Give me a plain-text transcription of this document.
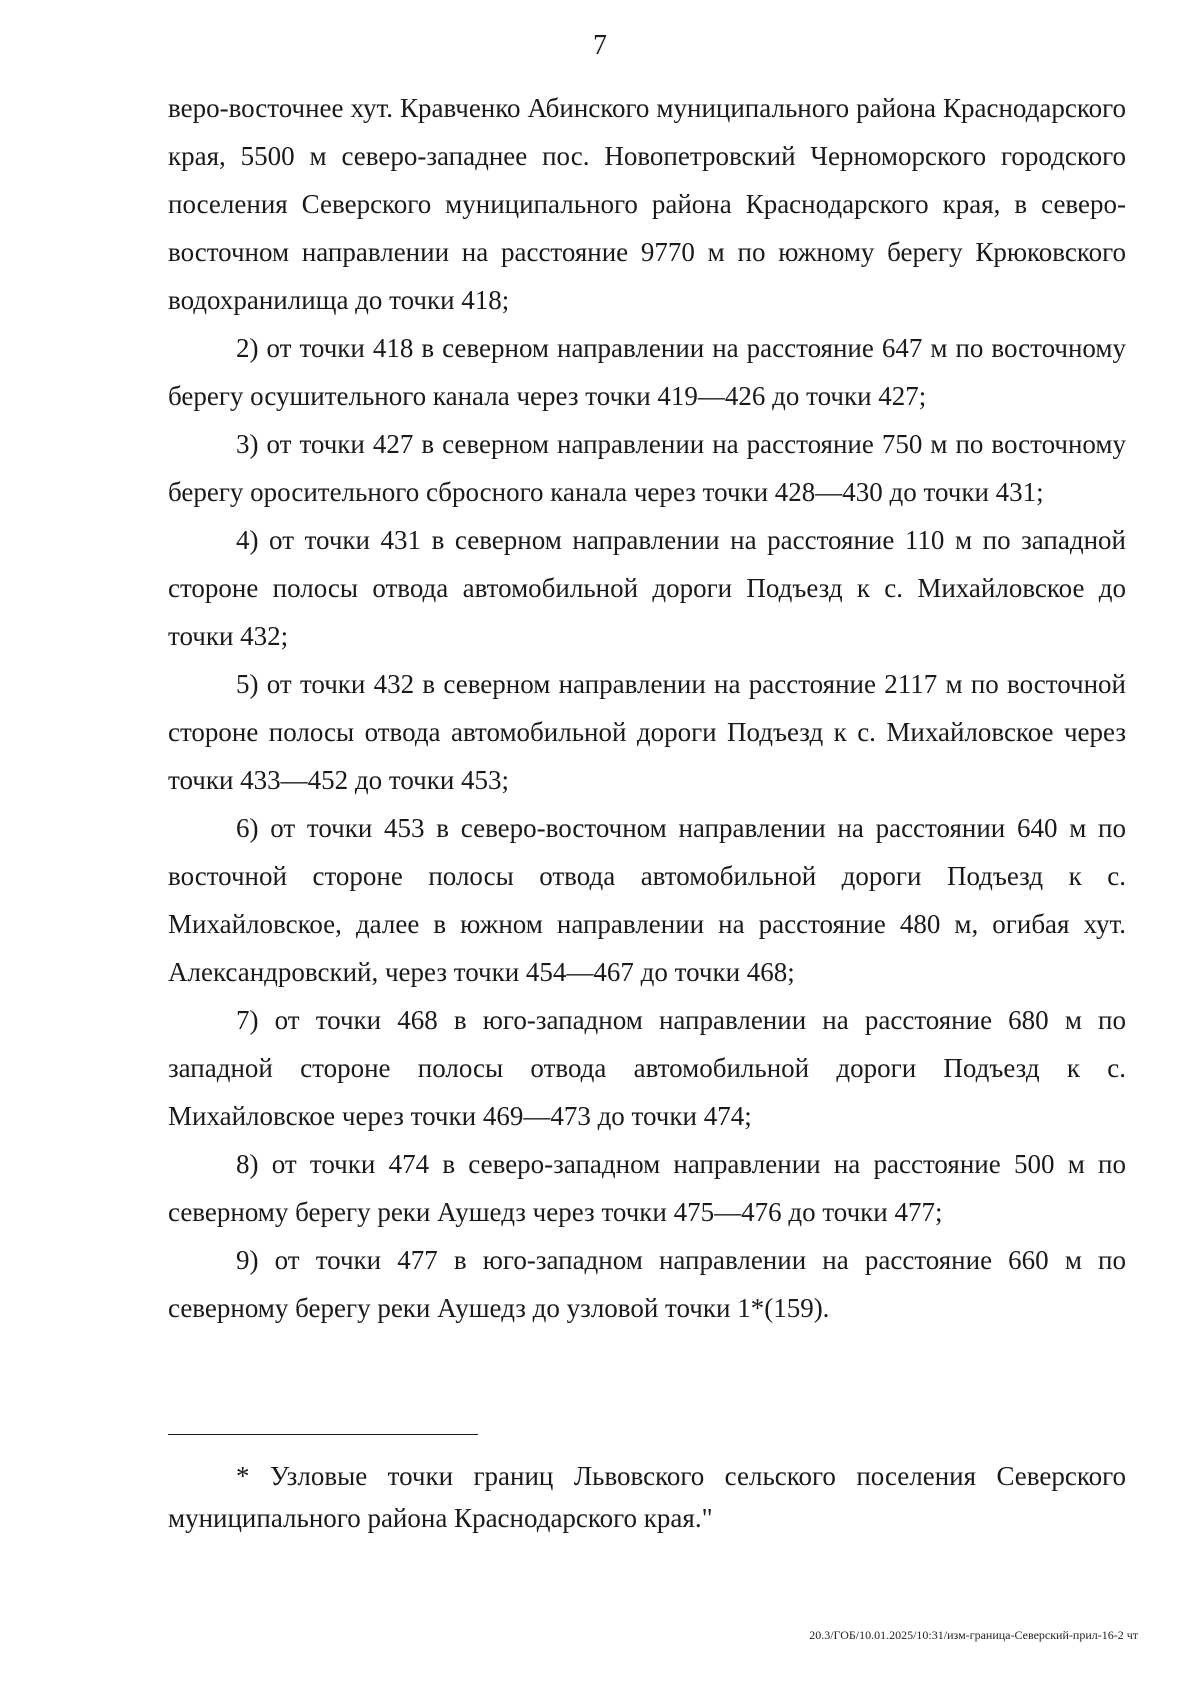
7

веро-восточнее хут. Кравченко Абинского муниципального района Краснодарского края, 5500 м северо-западнее пос. Новопетровский Черноморского городского поселения Северского муниципального района Краснодарского края, в северо-восточном направлении на расстояние 9770 м по южному берегу Крюковского водохранилища до точки 418;

2) от точки 418 в северном направлении на расстояние 647 м по восточному берегу осушительного канала через точки 419—426 до точки 427;

3) от точки 427 в северном направлении на расстояние 750 м по восточному берегу оросительного сбросного канала через точки 428—430 до точки 431;

4) от точки 431 в северном направлении на расстояние 110 м по западной стороне полосы отвода автомобильной дороги Подъезд к с. Михайловское до точки 432;

5) от точки 432 в северном направлении на расстояние 2117 м по восточной стороне полосы отвода автомобильной дороги Подъезд к с. Михайловское через точки 433—452 до точки 453;

6) от точки 453 в северо-восточном направлении на расстоянии 640 м по восточной стороне полосы отвода автомобильной дороги Подъезд к с. Михайловское, далее в южном направлении на расстояние 480 м, огибая хут. Александровский, через точки 454—467 до точки 468;

7) от точки 468 в юго-западном направлении на расстояние 680 м по западной стороне полосы отвода автомобильной дороги Подъезд к с. Михайловское через точки 469—473 до точки 474;

8) от точки 474 в северо-западном направлении на расстояние 500 м по северному берегу реки Аушедз через точки 475—476 до точки 477;

9) от точки 477 в юго-западном направлении на расстояние 660 м по северному берегу реки Аушедз до узловой точки 1*(159).

* Узловые точки границ Львовского сельского поселения Северского муниципального района Краснодарского края."
20.3/ГОБ/10.01.2025/10:31/изм-граница-Северский-прил-16-2 чт
